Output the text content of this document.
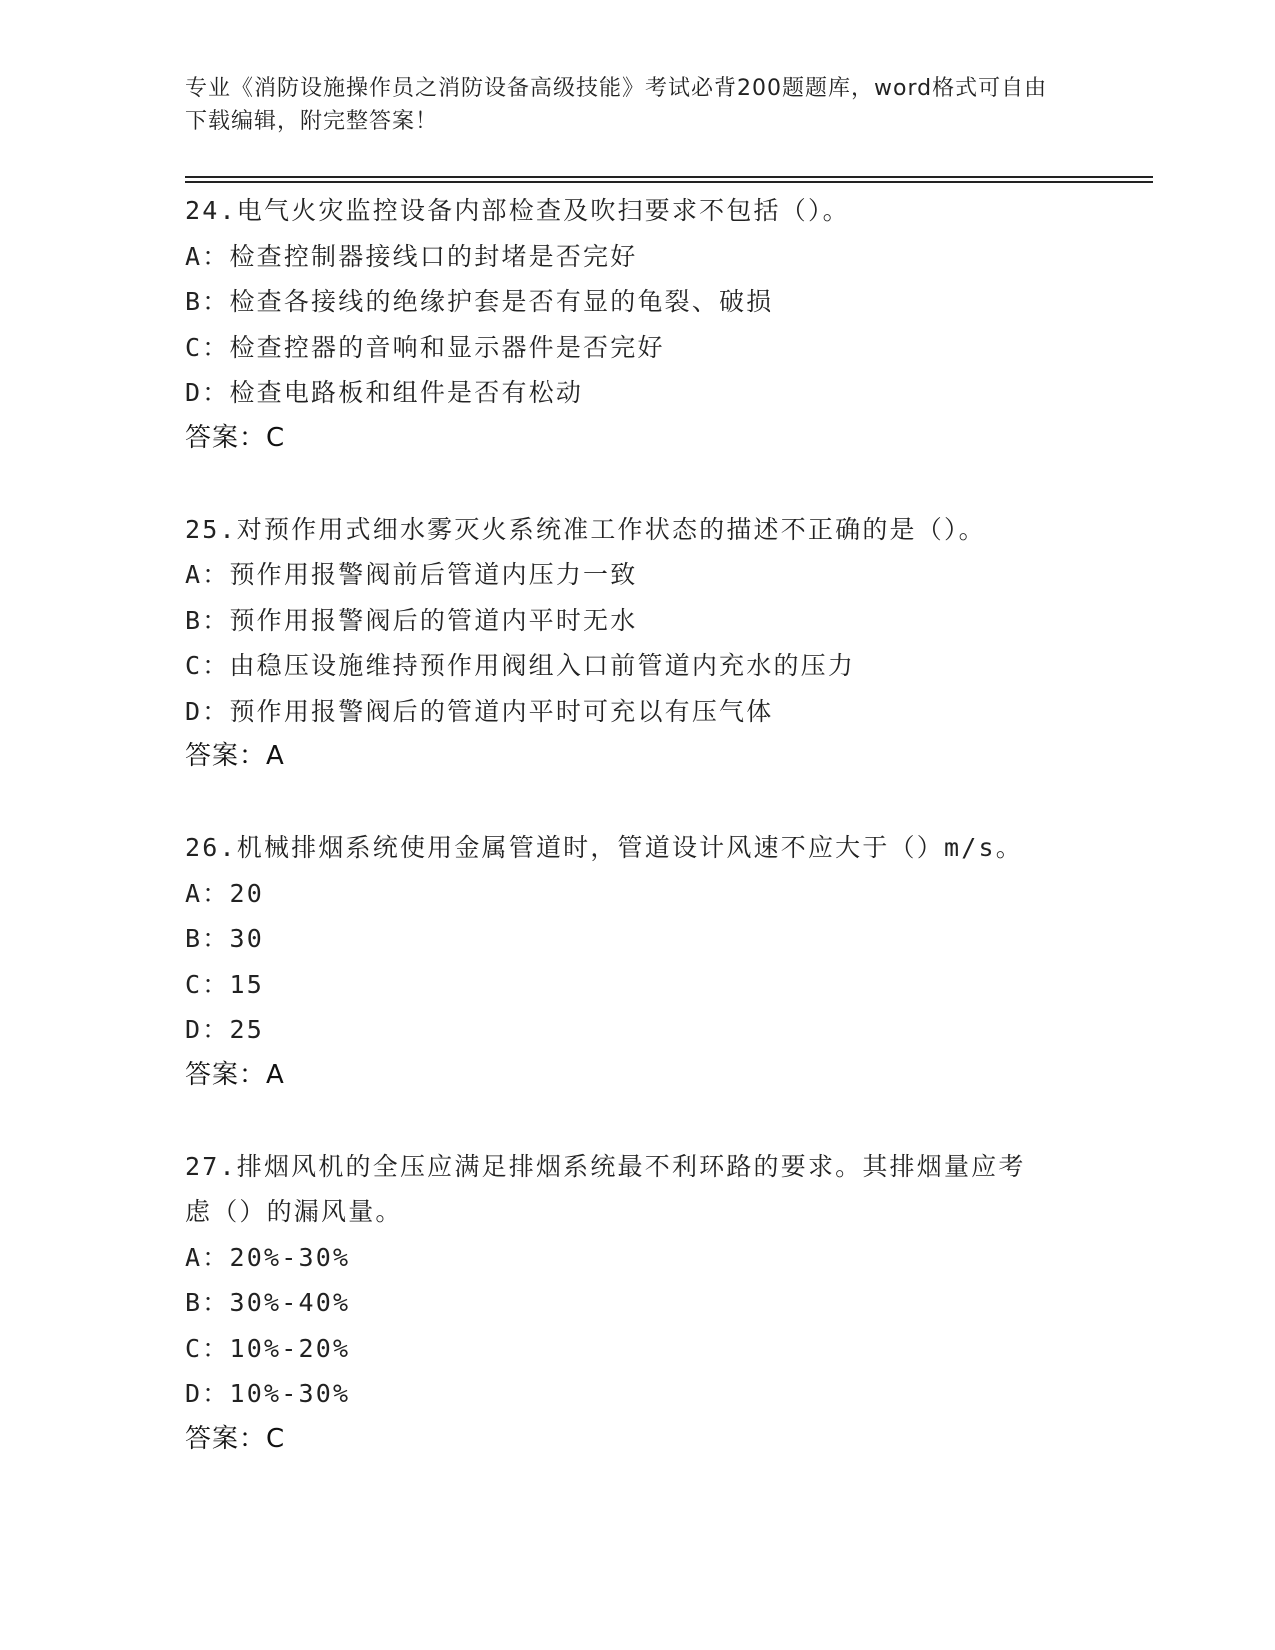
专业《消防设施操作员之消防设备高级技能》考试必背200题题库，word格式可自由下载编辑，附完整答案！
24.电气火灾监控设备内部检查及吹扫要求不包括（）。
A：检查控制器接线口的封堵是否完好
B：检查各接线的绝缘护套是否有显的龟裂、破损
C：检查控器的音响和显示器件是否完好
D：检查电路板和组件是否有松动
答案：C
25.对预作用式细水雾灭火系统准工作状态的描述不正确的是（）。
A：预作用报警阀前后管道内压力一致
B：预作用报警阀后的管道内平时无水
C：由稳压设施维持预作用阀组入口前管道内充水的压力
D：预作用报警阀后的管道内平时可充以有压气体
答案：A
26.机械排烟系统使用金属管道时，管道设计风速不应大于（）m/s。
A：20
B：30
C：15
D：25
答案：A
27.排烟风机的全压应满足排烟系统最不利环路的要求。其排烟量应考虑（）的漏风量。
A：20%-30%
B：30%-40%
C：10%-20%
D：10%-30%
答案：C
